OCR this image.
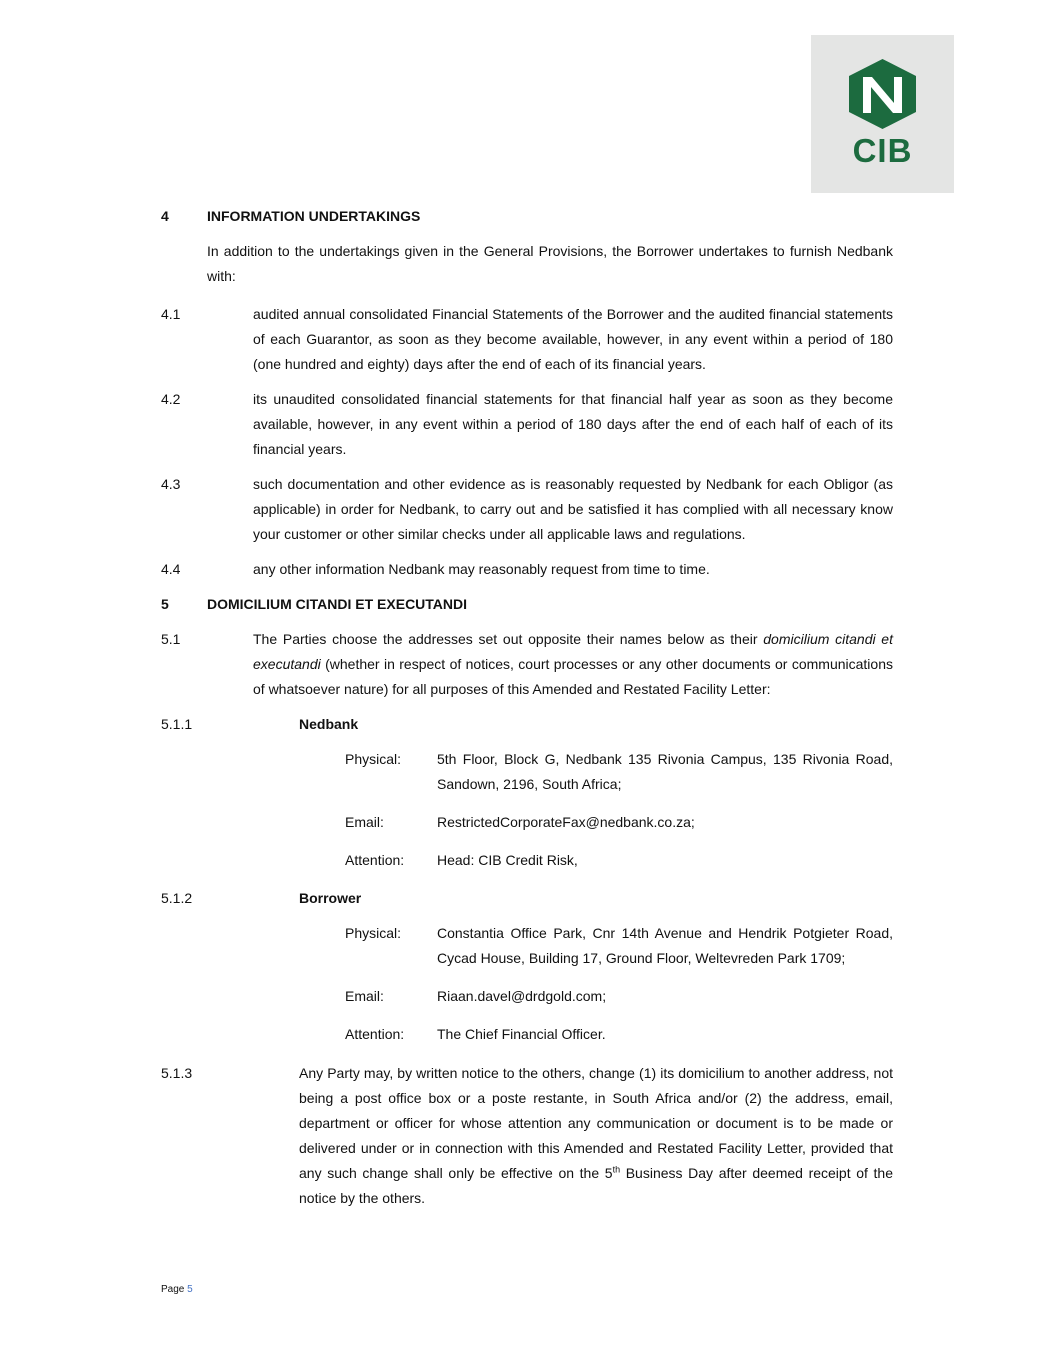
CIB
4	INFORMATION UNDERTAKINGS
In addition to the undertakings given in the General Provisions, the Borrower undertakes to furnish Nedbank with:
4.1	audited annual consolidated Financial Statements of the Borrower and the audited financial statements of each Guarantor, as soon as they become available, however, in any event within a period of 180 (one hundred and eighty) days after the end of each of its financial years.
4.2	its unaudited consolidated financial statements for that financial half year as soon as they become available, however, in any event within a period of 180 days after the end of each half of each of its financial years.
4.3	such documentation and other evidence as is reasonably requested by Nedbank for each Obligor (as applicable) in order for Nedbank, to carry out and be satisfied it has complied with all necessary know your customer or other similar checks under all applicable laws and regulations.
4.4	any other information Nedbank may reasonably request from time to time.
5	DOMICILIUM CITANDI ET EXECUTANDI
5.1	The Parties choose the addresses set out opposite their names below as their domicilium citandi et executandi (whether in respect of notices, court processes or any other documents or communications of whatsoever nature) for all purposes of this Amended and Restated Facility Letter:
5.1.1	Nedbank
Physical:	5th Floor, Block G, Nedbank 135 Rivonia Campus, 135 Rivonia Road, Sandown, 2196, South Africa;
Email:	RestrictedCorporateFax@nedbank.co.za;
Attention: Head: CIB Credit Risk,
5.1.2	Borrower
Physical:	Constantia Office Park, Cnr 14th Avenue and Hendrik Potgieter Road, Cycad House, Building 17, Ground Floor, Weltevreden Park 1709;
Email:	Riaan.davel@drdgold.com;
Attention: The Chief Financial Officer.
5.1.3	Any Party may, by written notice to the others, change (1) its domicilium to another address, not being a post office box or a poste restante, in South Africa and/or (2) the address, email, department or officer for whose attention any communication or document is to be made or delivered under or in connection with this Amended and Restated Facility Letter, provided that any such change shall only be effective on the 5th Business Day after deemed receipt of the notice by the others.
Page 5
